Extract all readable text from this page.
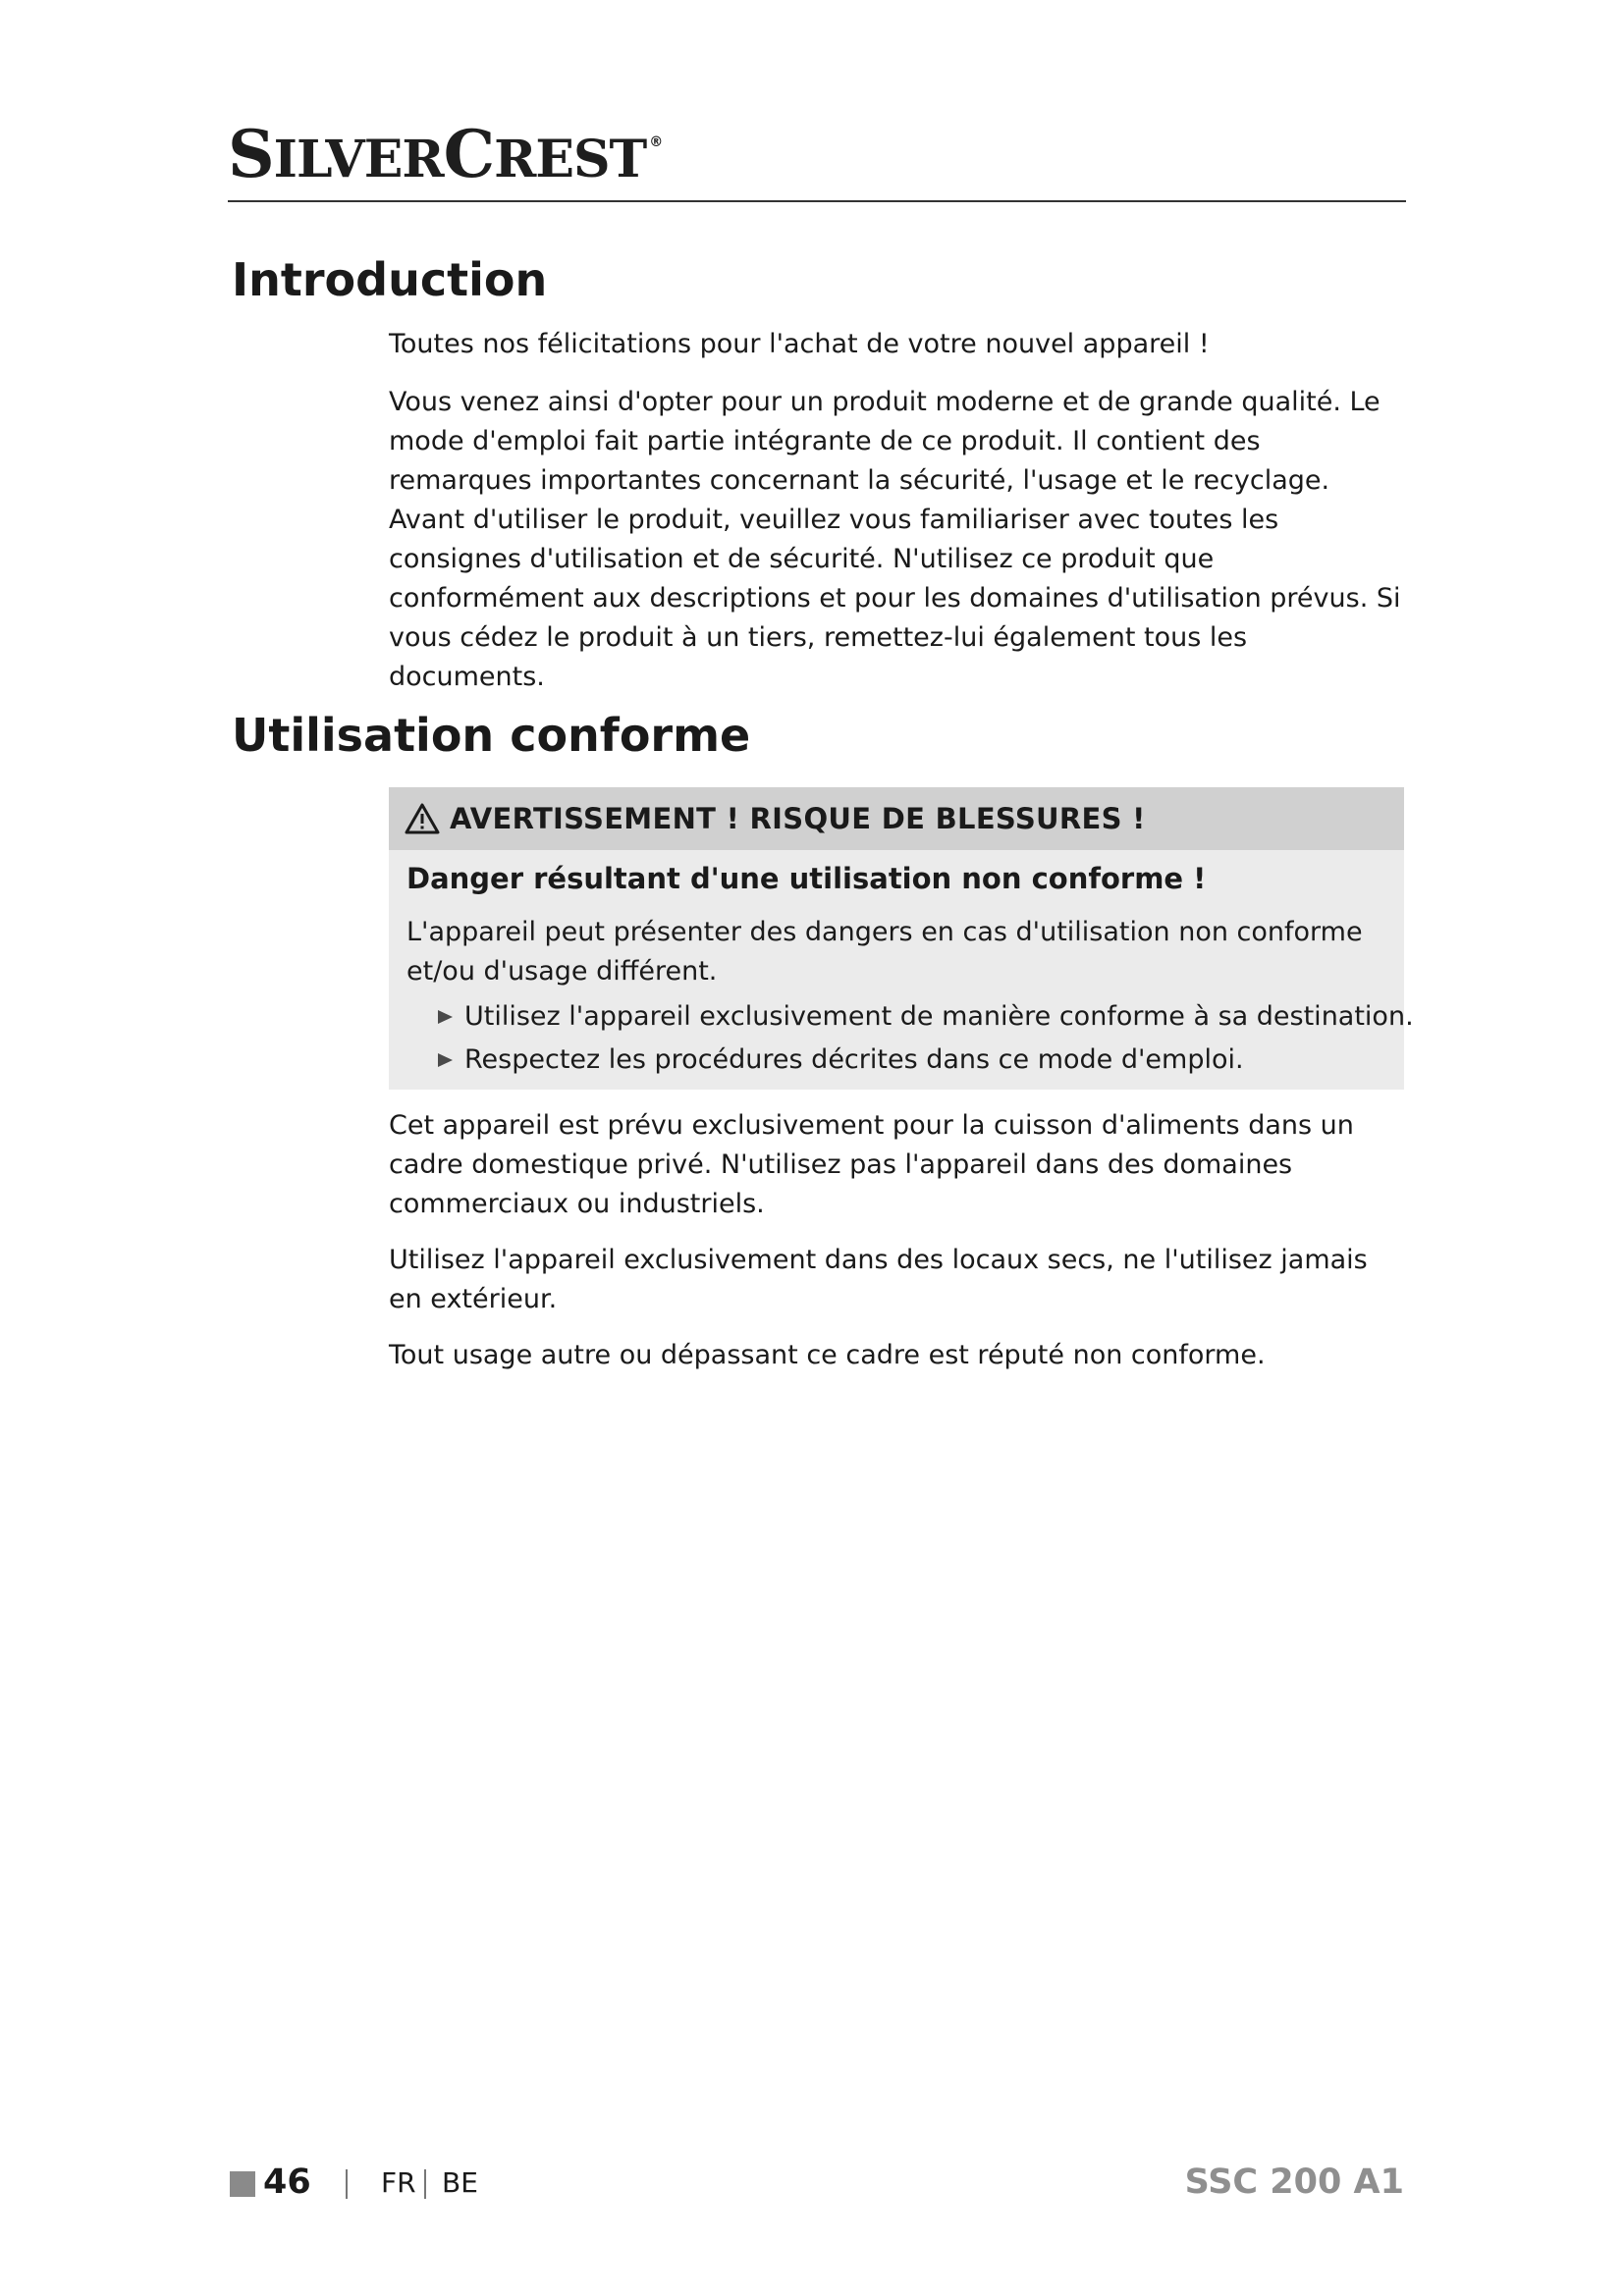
SILVERCREST ®
Introduction

Toutes nos félicitations pour l'achat de votre nouvel appareil !

Vous venez ainsi d'opter pour un produit moderne et de grande qualité. Le mode d'emploi fait partie intégrante de ce produit. Il contient des remarques importantes concernant la sécurité, l'usage et le recyclage. Avant d'utiliser le produit, veuillez vous familiariser avec toutes les consignes d'utilisation et de sécurité. N'utilisez ce produit que conformément aux descriptions et pour les domaines d'utilisation prévus. Si vous cédez le produit à un tiers, remettez-lui également tous les documents.

Utilisation conforme
AVERTISSEMENT ! RISQUE DE BLESSURES !
Danger résultant d'une utilisation non conforme !
L'appareil peut présenter des dangers en cas d'utilisation non conforme et/ou d'usage différent.
Utilisez l'appareil exclusivement de manière conforme à sa destination.
Respectez les procédures décrites dans ce mode d'emploi.

Cet appareil est prévu exclusivement pour la cuisson d'aliments dans un cadre domestique privé. N'utilisez pas l'appareil dans des domaines commerciaux ou industriels.

Utilisez l'appareil exclusivement dans des locaux secs, ne l'utilisez jamais en extérieur.

Tout usage autre ou dépassant ce cadre est réputé non conforme.

46	FR BE	SSC 200 A1
